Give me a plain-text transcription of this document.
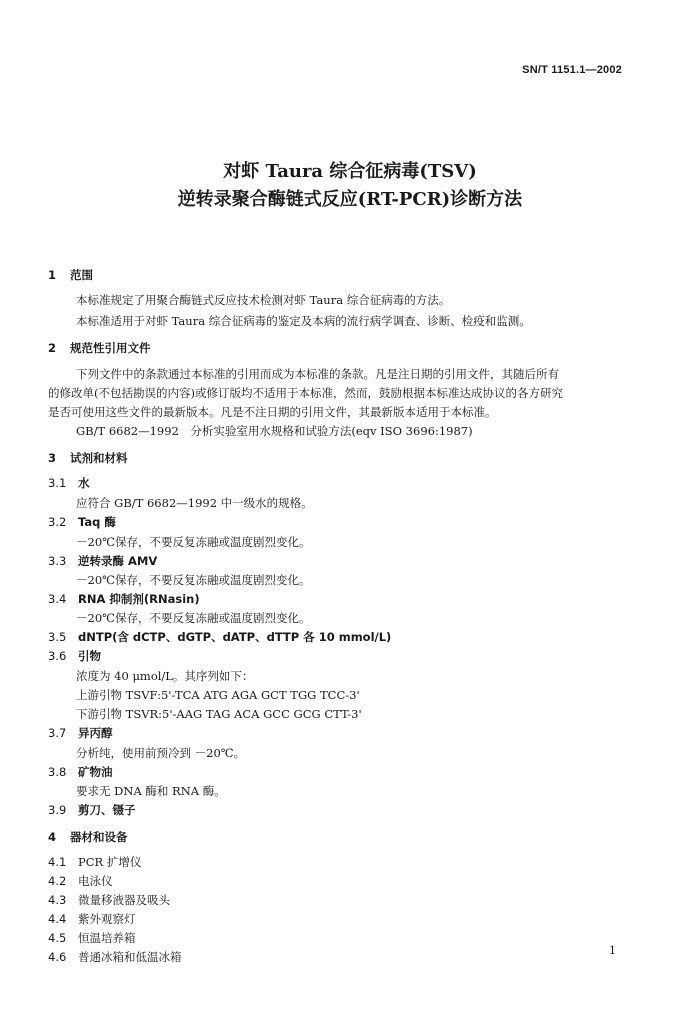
SN/T 1151.1—2002
对虾 Taura 综合征病毒(TSV)
逆转录聚合酶链式反应(RT-PCR)诊断方法
1 范围
本标准规定了用聚合酶链式反应技术检测对虾 Taura 综合征病毒的方法。
本标准适用于对虾 Taura 综合征病毒的鉴定及本病的流行病学调查、诊断、检疫和监测。
2 规范性引用文件
下列文件中的条款通过本标准的引用而成为本标准的条款。凡是注日期的引用文件，其随后所有
的修改单(不包括勘误的内容)或修订版均不适用于本标准，然而，鼓励根据本标准达成协议的各方研究
是否可使用这些文件的最新版本。凡是不注日期的引用文件，其最新版本适用于本标准。
GB/T 6682—1992　分析实验室用水规格和试验方法(eqv ISO 3696:1987)
3 试剂和材料
3.1 水
应符合 GB/T 6682—1992 中一级水的规格。
3.2 Taq 酶
－20℃保存，不要反复冻融或温度剧烈变化。
3.3 逆转录酶 AMV
－20℃保存，不要反复冻融或温度剧烈变化。
3.4 RNA 抑制剂(RNasin)
－20℃保存，不要反复冻融或温度剧烈变化。
3.5 dNTP(含 dCTP、dGTP、dATP、dTTP 各 10 mmol/L)
3.6 引物
浓度为 40 μmol/L。其序列如下：
上游引物 TSVF:5'-TCA ATG AGA GCT TGG TCC-3'
下游引物 TSVR:5'-AAG TAG ACA GCC GCG CTT-3'
3.7 异丙醇
分析纯，使用前预冷到 －20℃。
3.8 矿物油
要求无 DNA 酶和 RNA 酶。
3.9 剪刀、镊子
4 器材和设备
4.1 PCR 扩增仪
4.2 电泳仪
4.3 微量移液器及吸头
4.4 紫外观察灯
4.5 恒温培养箱
4.6 普通冰箱和低温冰箱	1
